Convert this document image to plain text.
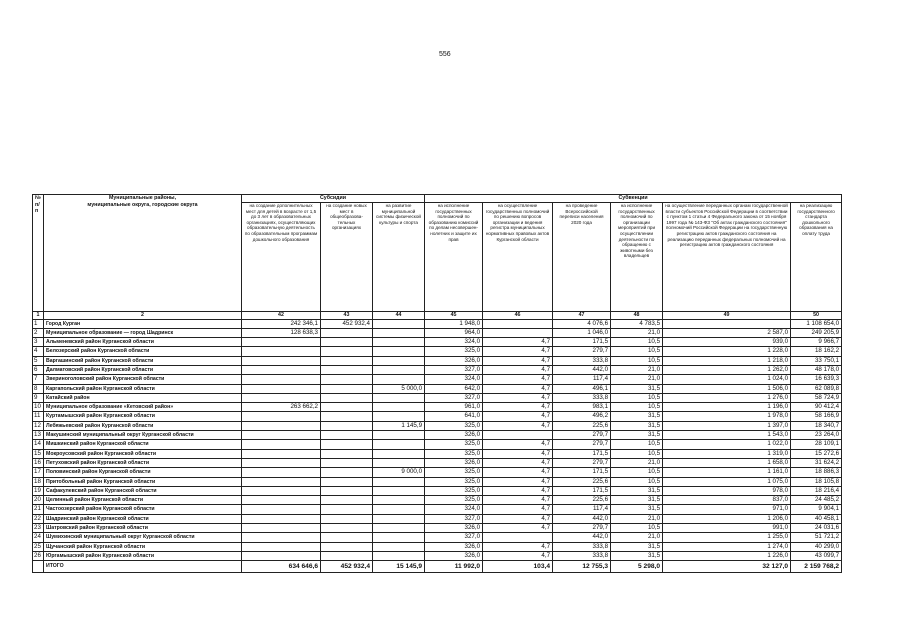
556
№
п/п	Муниципальные районы,
муниципальные округа, городские округа	Субсидии			Субвенции					
		на создание дополнительных мест для детей в возрасте от 1,5 до 3 лет в образовательных организациях, осуществляющих образовательную деятельность по образовательным программам дошкольного образования	на создание новых мест в общеобразова-тельных организациях	на развитие муниципальной системы физической культуры и спорта	на исполнение государственных полномочий по образованию комиссий по делам несовершен-нолетних и защите их прав	на осуществление государственных полномочий по решению вопросов организации и ведения регистра муниципальных нормативных правовых актов Курганской области	на проведение Всероссийской переписи населения 2020 года	на исполнение государственных полномочий по организации мероприятий при осуществлении деятельности по обращению с животными без владельцев	на осуществление переданных органам государственной власти субъектов Российской Федерации в соответствии с пунктом 1 статьи 4 Федерального закона от 15 ноября 1997 года № 143-ФЗ "Об актах гражданского состояния" полномочий Российской Федерации на государственную регистрацию актов гражданского состояния на реализацию переданных федеральных полномочий на регистрацию актов гражданского состояния	на реализацию государственного стандарта дошкольного образования на оплату труда
1	2	42	43	44	45	46	47	48	49	50
1	Город Курган	242 346,1	452 932,4		1 948,0		4 076,6	4 783,5		1 108 654,0
2	Муниципальное образование — город Шадринск	128 638,3			964,0		1 046,0	21,0	2 587,0	249 205,9
3	Альменевский район Курганской области				324,0	4,7	171,5	10,5	939,0	9 966,7
4	Белозерский район Курганской области				325,0	4,7	279,7	10,5	1 228,0	18 162,2
5	Варгашинский район Курганской области				326,0	4,7	333,8	10,5	1 218,0	33 750,1
6	Далматовский район Курганской области				327,0	4,7	442,0	21,0	1 262,0	48 178,0
7	Звериноголовский район Курганской области				324,0	4,7	117,4	21,0	1 024,0	16 639,3
8	Каргапольский район Курганской области			5 000,0	642,0	4,7	496,1	31,5	1 506,0	62 089,8
9	Катайский район				327,0	4,7	333,8	10,5	1 276,0	58 724,9
10	Муниципальное образование «Кетовский район»	263 662,2			961,0	4,7	983,1	10,5	1 196,0	90 412,4
11	Куртамышский район Курганской области				641,0	4,7	496,2	31,5	1 978,0	58 166,9
12	Лебяжьевский район Курганской области			1 145,9	325,0	4,7	225,6	31,5	1 397,0	18 340,7
13	Макушинский муниципальный округ Курганской области				326,0		279,7	31,5	1 543,0	23 264,0
14	Мишкинский район Курганской области				325,0	4,7	279,7	10,5	1 022,0	28 109,1
15	Мокроусовский район Курганской области				325,0	4,7	171,5	10,5	1 319,0	15 272,6
16	Петуховский район Курганской области				326,0	4,7	279,7	21,0	1 658,0	31 624,2
17	Половинский район Курганской области			9 000,0	325,0	4,7	171,5	10,5	1 161,0	18 886,3
18	Притобольный район Курганской области				325,0	4,7	225,6	10,5	1 075,0	18 105,8
19	Сафакулевский район Курганской области				325,0	4,7	171,5	31,5	978,0	18 216,4
20	Целинный район Курганской области				325,0	4,7	225,6	31,5	837,0	24 485,2
21	Частоозерский район Курганской области				324,0	4,7	117,4	31,5	971,0	9 904,1
22	Шадринский район Курганской области				327,0	4,7	442,0	21,0	1 206,0	40 458,1
23	Шатровский район Курганской области				326,0	4,7	279,7	10,5	991,0	24 031,6
24	Шумихинский муниципальный округ Курганской области				327,0		442,0	21,0	1 255,0	51 721,2
25	Щучанский район Курганской области				326,0	4,7	333,8	31,5	1 274,0	40 299,0
26	Юргамышский район Курганской области				326,0	4,7	333,8	31,5	1 226,0	43 099,7
	ИТОГО	634 646,6	452 932,4	15 145,9	11 992,0	103,4	12 755,3	5 298,0	32 127,0	2 159 768,2
